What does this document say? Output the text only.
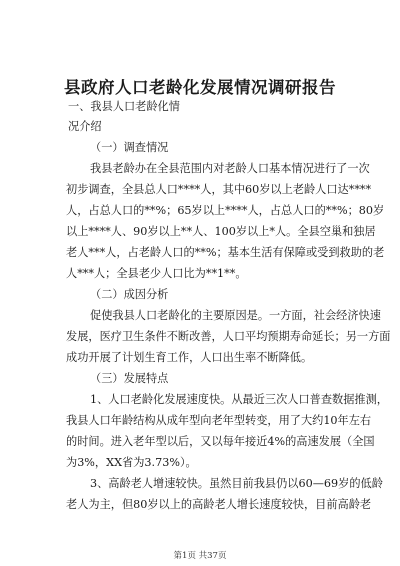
县政府人口老龄化发展情况调研报告

一、我县人口老龄化情

况介绍

（一）调查情况

我县老龄办在全县范围内对老龄人口基本情况进行了一次

初步调查，全县总人口****人，其中60岁以上老龄人口达****

人，占总人口的**%；65岁以上****人，占总人口的**%；80岁

以上****人、90岁以上**人、100岁以上*人。全县空巢和独居

老人***人，占老龄人口的**%；基本生活有保障或受到救助的老

人***人；全县老少人口比为**1**。

（二）成因分析

促使我县人口老龄化的主要原因是。一方面，社会经济快速

发展，医疗卫生条件不断改善，人口平均预期寿命延长；另一方面

成功开展了计划生育工作，人口出生率不断降低。

（三）发展特点

1、人口老龄化发展速度快。从最近三次人口普查数据推测，

我县人口年龄结构从成年型向老年型转变，用了大约10年左右

的时间。进入老年型以后，又以每年接近4%的高速发展（全国

为3%，XX省为3.73%）。

3、高龄老人增速较快。虽然目前我县仍以60—69岁的低龄

老人为主，但80岁以上的高龄老人增长速度较快，目前高龄老

第1页 共37页
